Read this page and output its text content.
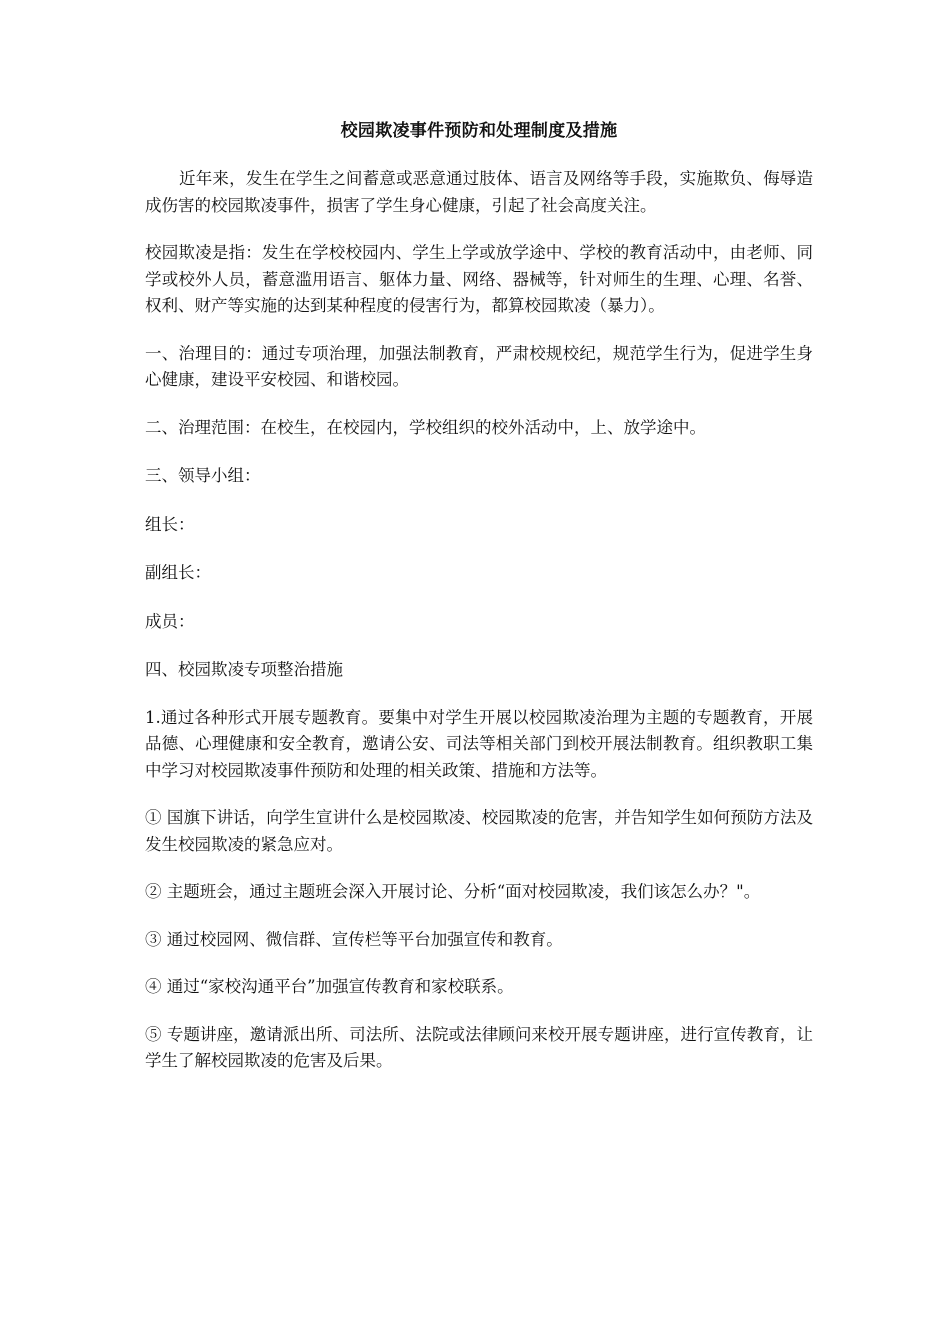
校园欺凌事件预防和处理制度及措施
近年来，发生在学生之间蓄意或恶意通过肢体、语言及网络等手段，实施欺负、侮辱造成伤害的校园欺凌事件，损害了学生身心健康，引起了社会高度关注。
校园欺凌是指：发生在学校校园内、学生上学或放学途中、学校的教育活动中，由老师、同学或校外人员，蓄意滥用语言、躯体力量、网络、器械等，针对师生的生理、心理、名誉、权利、财产等实施的达到某种程度的侵害行为，都算校园欺凌（暴力）。
一、治理目的：通过专项治理，加强法制教育，严肃校规校纪，规范学生行为，促进学生身心健康，建设平安校园、和谐校园。
二、治理范围：在校生，在校园内，学校组织的校外活动中，上、放学途中。
三、领导小组：
组长：
副组长：
成员：
四、校园欺凌专项整治措施
1.通过各种形式开展专题教育。要集中对学生开展以校园欺凌治理为主题的专题教育，开展品德、心理健康和安全教育，邀请公安、司法等相关部门到校开展法制教育。组织教职工集中学习对校园欺凌事件预防和处理的相关政策、措施和方法等。
① 国旗下讲话，向学生宣讲什么是校园欺凌、校园欺凌的危害，并告知学生如何预防方法及发生校园欺凌的紧急应对。
② 主题班会，通过主题班会深入开展讨论、分析“面对校园欺凌，我们该怎么办？"。
③ 通过校园网、微信群、宣传栏等平台加强宣传和教育。
④ 通过“家校沟通平台”加强宣传教育和家校联系。
⑤ 专题讲座，邀请派出所、司法所、法院或法律顾问来校开展专题讲座，进行宣传教育，让学生了解校园欺凌的危害及后果。
